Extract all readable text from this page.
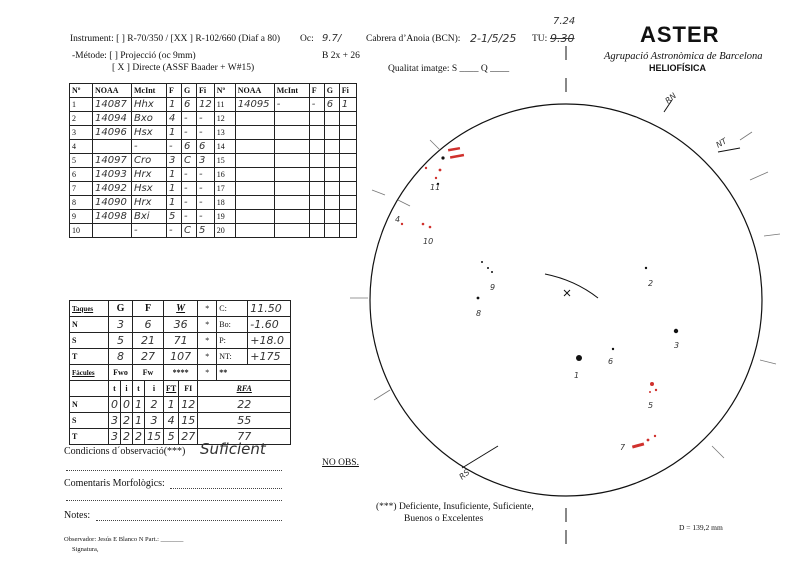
Instrument: [ ] R-70/350 / [XX ] R-102/660 (Diaf a 80) Oc: 9.7/	Cabrera d’Anoia (BCN): 2-1/5/25 TU: 9.30
7.24
-Métode: [ ] Projecció (oc 9mm)
[ X ] Directe (ASSF Baader + W#15)
B 2x + 26
Qualitat imatge: S ____ Q ____
ASTER
Agrupació Astronòmica de Barcelona
HELIOFÍSICA
Nº	NOAA	McInt	F	G	Fi	Nº	NOAA	McInt	F	G	Fi
1	14087	Hhx	1	6	12	11	14095	-	-	6	1
2	14094	Bxo	4	-	-	12					
3	14096	Hsx	1	-	-	13					
4		-	-	6	6	14					
5	14097	Cro	3	C	3	15					
6	14093	Hrx	1	-	-	16					
7	14092	Hsx	1	-	-	17					
8	14090	Hrx	1	-	-	18					
9	14098	Bxi	5	-	-	19					
10		-	-	C	5	20					
Taques	G		F		W		*	C:	11.50
N	3		6		36		*	Bo:	-1.60
S	5		21		71		*	P:	+18.0
T	8		27		107		*	NT:	+175
Fàcules	Fwo		Fw		****		*	**	
	t	i	t	i	FT	FI	RFA		
N	0	0	1	2	1	12	22		
S	3	2	1	3	4	15	55		
T	3	2	2	15	5	27	77		
Condicions d´observació(***) Suficient
NO OBS.
Comentaris Morfològics:
Notes:
Observador: Jesús E Blanco N Part.: _______
Signatura,
(***) Deficiente, Insuficiente, Suficiente,
Buenos o Excelentes
D = 139,2 mm
RN
NT
RS
4
10
9
8
2
3
6
5
7
1
11
